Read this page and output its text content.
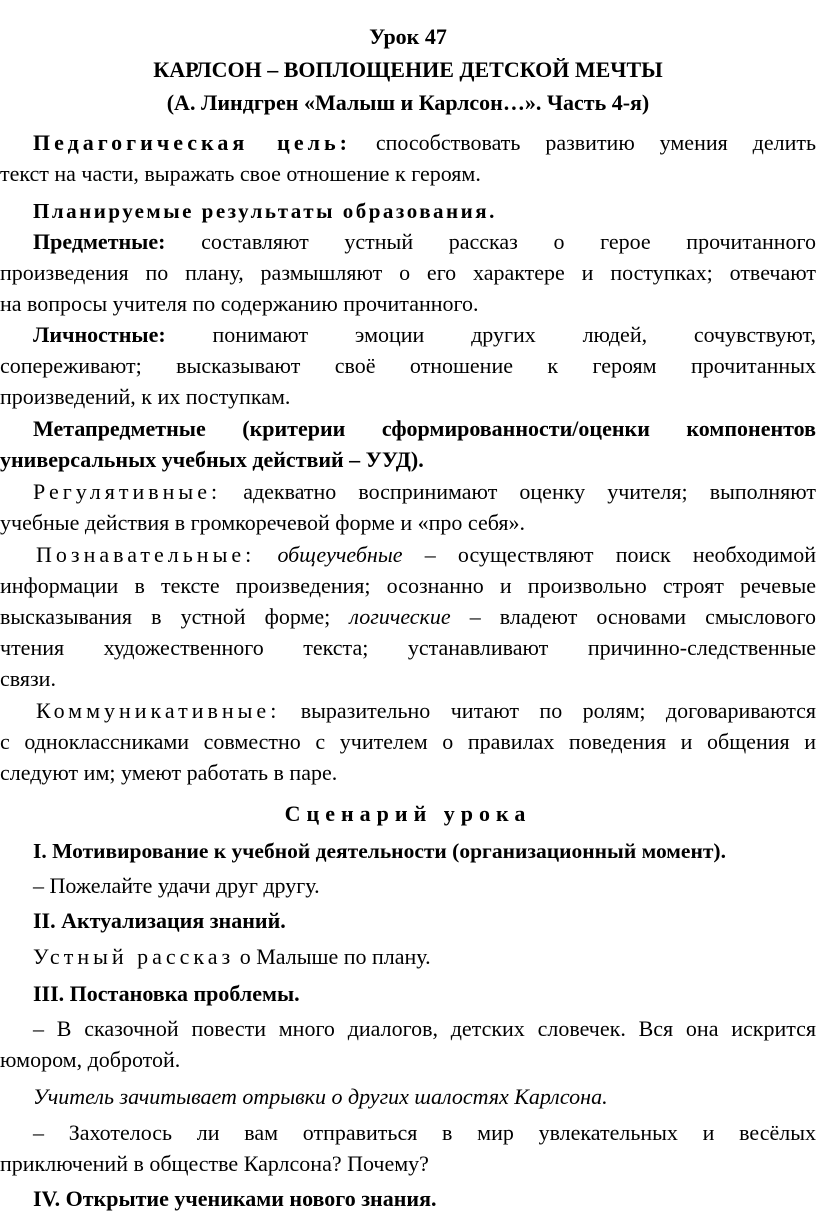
Урок 47
КАРЛСОН – ВОПЛОЩЕНИЕ ДЕТСКОЙ МЕЧТЫ
(А. Линдгрен «Малыш и Карлсон…». Часть 4-я)
Педагогическая цель: способствовать развитию умения делить
текст на части, выражать свое отношение к героям.
Планируемые результаты образования.
Предметные: составляют устный рассказ о герое прочитанного
произведения по плану, размышляют о его характере и поступках; отвечают
на вопросы учителя по содержанию прочитанного.
Личностные: понимают эмоции других людей, сочувствуют,
сопереживают; высказывают своё отношение к героям прочитанных
произведений, к их поступкам.
Метапредметные (критерии сформированности/оценки компонентов
универсальных учебных действий – УУД).
Регулятивные: адекватно воспринимают оценку учителя; выполняют
учебные действия в громкоречевой форме и «про себя».
Познавательные: общеучебные – осуществляют поиск необходимой
информации в тексте произведения; осознанно и произвольно строят речевые
высказывания в устной форме; логические – владеют основами смыслового
чтения художественного текста; устанавливают причинно-следственные
связи.
Коммуникативные: выразительно читают по ролям; договариваются
с одноклассниками совместно с учителем о правилах поведения и общения и
следуют им; умеют работать в паре.
Сценарий урока
I. Мотивирование к учебной деятельности (организационный момент).
– Пожелайте удачи друг другу.
II. Актуализация знаний.
Устный рассказ о Малыше по плану.
III. Постановка проблемы.
– В сказочной повести много диалогов, детских словечек. Вся она искрится
юмором, добротой.
Учитель зачитывает отрывки о других шалостях Карлсона.
– Захотелось ли вам отправиться в мир увлекательных и весёлых
приключений в обществе Карлсона? Почему?
IV. Открытие учениками нового знания.
